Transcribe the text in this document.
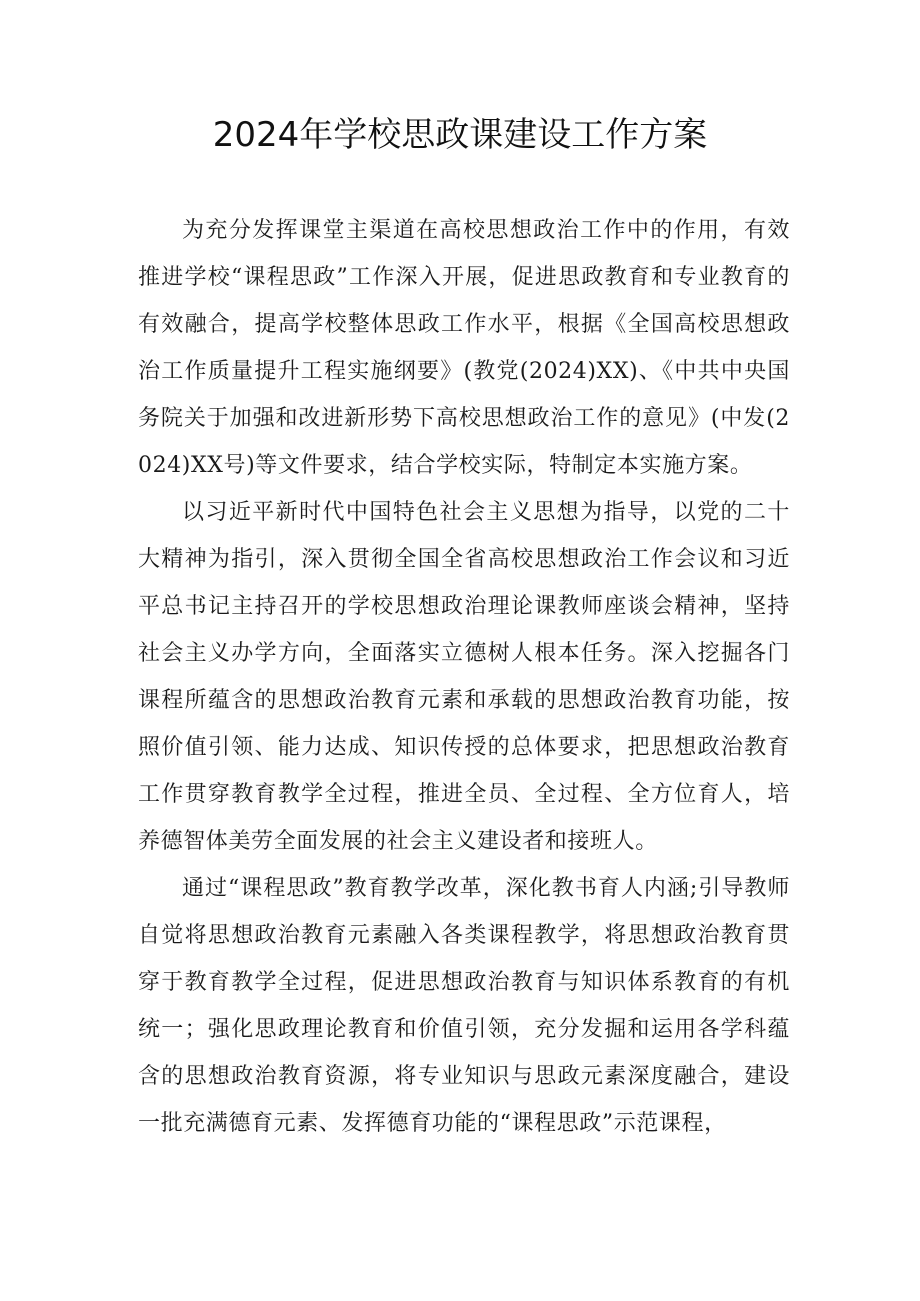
2024年学校思政课建设工作方案

为充分发挥课堂主渠道在高校思想政治工作中的作用，有效推进学校“课程思政”工作深入开展，促进思政教育和专业教育的有效融合，提高学校整体思政工作水平，根据《全国高校思想政治工作质量提升工程实施纲要》(教党(2024)XX)、《中共中央国务院关于加强和改进新形势下高校思想政治工作的意见》(中发(2024)XX号)等文件要求，结合学校实际，特制定本实施方案。

以习近平新时代中国特色社会主义思想为指导，以党的二十大精神为指引，深入贯彻全国全省高校思想政治工作会议和习近平总书记主持召开的学校思想政治理论课教师座谈会精神，坚持社会主义办学方向，全面落实立德树人根本任务。深入挖掘各门课程所蕴含的思想政治教育元素和承载的思想政治教育功能，按照价值引领、能力达成、知识传授的总体要求，把思想政治教育工作贯穿教育教学全过程，推进全员、全过程、全方位育人，培养德智体美劳全面发展的社会主义建设者和接班人。

通过“课程思政”教育教学改革，深化教书育人内涵;引导教师自觉将思想政治教育元素融入各类课程教学，将思想政治教育贯穿于教育教学全过程，促进思想政治教育与知识体系教育的有机统一；强化思政理论教育和价值引领，充分发掘和运用各学科蕴含的思想政治教育资源，将专业知识与思政元素深度融合，建设一批充满德育元素、发挥德育功能的“课程思政”示范课程，
